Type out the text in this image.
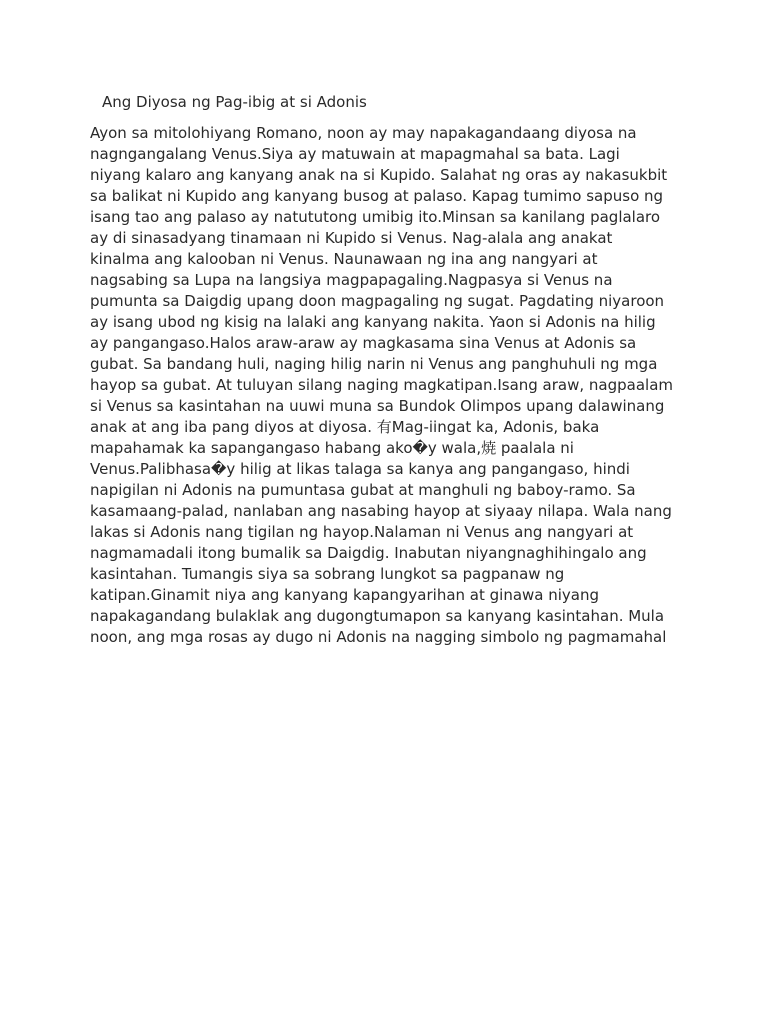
Ang Diyosa ng Pag-ibig at si Adonis
Ayon sa mitolohiyang Romano, noon ay may napakagandaang diyosa na
nagngangalang Venus.Siya ay matuwain at mapagmahal sa bata. Lagi
niyang kalaro ang kanyang anak na si Kupido. Salahat ng oras ay nakasukbit
sa balikat ni Kupido ang kanyang busog at palaso. Kapag tumimo sapuso ng
isang tao ang palaso ay natututong umibig ito.Minsan sa kanilang paglalaro
ay di sinasadyang tinamaan ni Kupido si Venus. Nag-alala ang anakat
kinalma ang kalooban ni Venus. Naunawaan ng ina ang nangyari at
nagsabing sa Lupa na langsiya magpapagaling.Nagpasya si Venus na
pumunta sa Daigdig upang doon magpagaling ng sugat. Pagdating niyaroon
ay isang ubod ng kisig na lalaki ang kanyang nakita. Yaon si Adonis na hilig
ay pangangaso.Halos araw-araw ay magkasama sina Venus at Adonis sa
gubat. Sa bandang huli, naging hilig narin ni Venus ang panghuhuli ng mga
hayop sa gubat. At tuluyan silang naging magkatipan.Isang araw, nagpaalam
si Venus sa kasintahan na uuwi muna sa Bundok Olimpos upang dalawinang
anak at ang iba pang diyos at diyosa. 有Mag-iingat ka, Adonis, baka
mapahamak ka sapangangaso habang ako�y wala,焼 paalala ni
Venus.Palibhasa�y hilig at likas talaga sa kanya ang pangangaso, hindi
napigilan ni Adonis na pumuntasa gubat at manghuli ng baboy-ramo. Sa
kasamaang-palad, nanlaban ang nasabing hayop at siyaay nilapa. Wala nang
lakas si Adonis nang tigilan ng hayop.Nalaman ni Venus ang nangyari at
nagmamadali itong bumalik sa Daigdig. Inabutan niyangnaghihingalo ang
kasintahan. Tumangis siya sa sobrang lungkot sa pagpanaw ng
katipan.Ginamit niya ang kanyang kapangyarihan at ginawa niyang
napakagandang bulaklak ang dugongtumapon sa kanyang kasintahan. Mula
noon, ang mga rosas ay dugo ni Adonis na nagging simbolo ng pagmamahal
